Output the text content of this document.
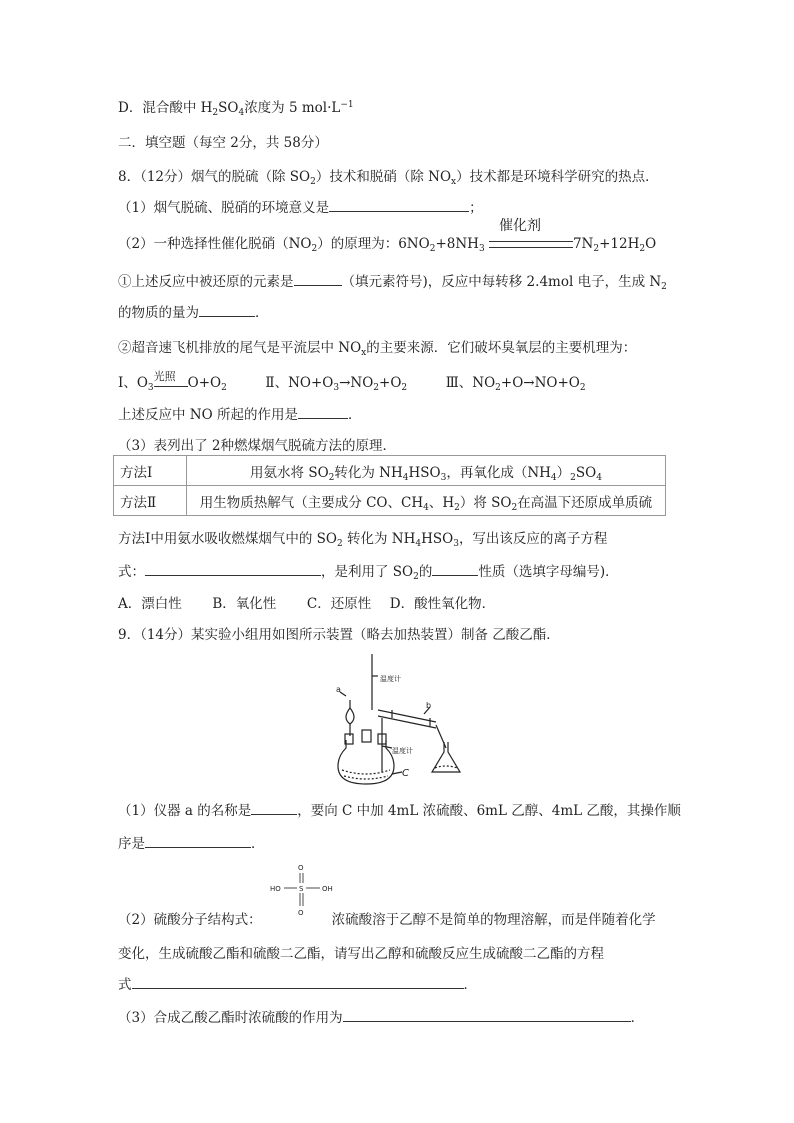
D．混合酸中 $H_2SO_4$浓度为 5 $mol\cdot L^{-1}$
二．填空题（每空 2分，共 58分）
8．（12分）烟气的脱硫（除 $SO_2$）技术和脱硝（除 $NO_x$）技术都是环境科学研究的热点．
（1）烟气脱硫、脱硝的环境意义是	；
（2）一种选择性催化脱硝$(NO_2)$的原理为：$6NO_2+8NH_3$
催化剂
$7N_2+12H_2O$
①上述反应中被还原的元素是	（填元素符号)，反应中每转移 2.4mol 电子，生成 $N_2$
的物质的量为	．
②超音速飞机排放的尾气是平流层中 $NO_x$的主要来源．它们破坏臭氧层的主要机理为：
Ⅰ、$O_3$
光照 $O+O_2$	Ⅱ、$NO+O_3\to NO_2+O_2$	Ⅲ、$NO_2+O\to NO+O_2$
上述反应中 NO 所起的作用是	．
（3）表列出了 2种燃煤烟气脱硫方法的原理．
方法Ⅰ	用氨水将 $SO_2$转化为 $NH_4HSO_3$，再氧化成$(NH_4)_2SO_4$
方法Ⅱ	用生物质热解气（主要成分 CO、$CH_4$、$H_2$）将 $SO_2$在高温下还原成单质硫
方法Ⅰ中用氨水吸收燃煤烟气中的 $SO_2$ 转化为 $NH_4HSO_3$，写出该反应的离子方程
式：	，是利用了 $SO_2$的	性质（选填字母编号)．
A．漂白性 B．氧化性 C．还原性 D．酸性氧化物．
9．（14分）某实验小组用如图所示装置（略去加热装置）制备 乙酸乙酯．
温度计
温度计
a
b
C
（1）仪器 a 的名称是	，要向 C 中加 4mL 浓硫酸、6mL 乙醇、4mL 乙酸，其操作顺
序是	．
O
HO	S	OH
O
（2）硫酸分子结构式：	浓硫酸溶于乙醇不是简单的物理溶解，而是伴随着化学
变化，生成硫酸乙酯和硫酸二乙酯，请写出乙醇和硫酸反应生成硫酸二乙酯的方程
式	．
（3）合成乙酸乙酯时浓硫酸的作用为	．
